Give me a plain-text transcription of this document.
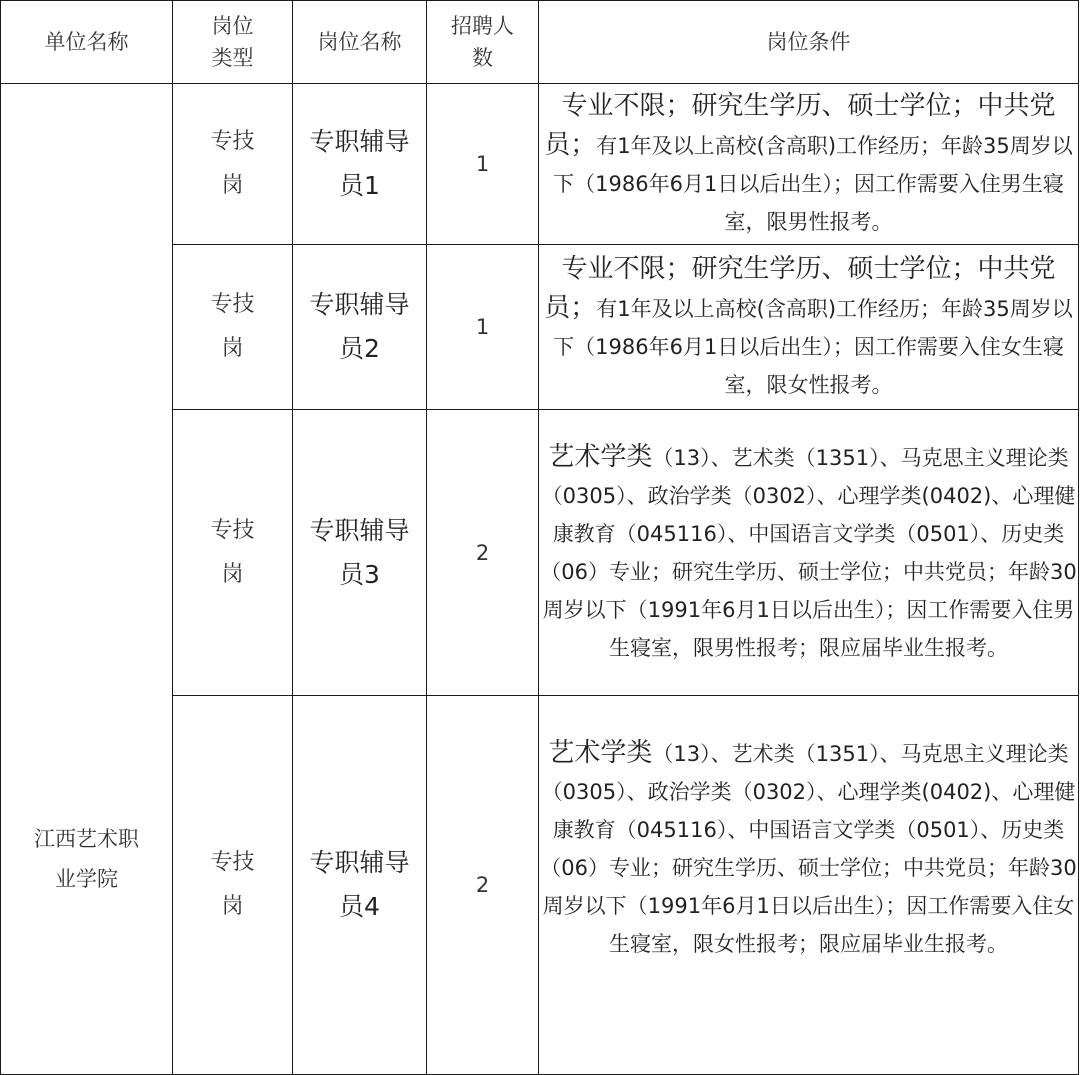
单位名称	岗位类型	岗位名称	招聘人数	岗位条件
江西艺术职业学院	专技岗	专职辅导员1	1	专业不限；研究生学历、硕士学位；中共党员；有1年及以上高校(含高职)工作经历；年龄35周岁以下（1986年6月1日以后出生）；因工作需要入住男生寝室，限男性报考。
	专技岗	专职辅导员2	1	专业不限；研究生学历、硕士学位；中共党员；有1年及以上高校(含高职)工作经历；年龄35周岁以下（1986年6月1日以后出生）；因工作需要入住女生寝室，限女性报考。
	专技岗	专职辅导员3	2	艺术学类（13）、艺术类（1351）、马克思主义理论类（0305）、政治学类（0302）、心理学类(0402)、心理健康教育（045116）、中国语言文学类（0501）、历史类（06）专业；研究生学历、硕士学位；中共党员；年龄30周岁以下（1991年6月1日以后出生）；因工作需要入住男生寝室，限男性报考；限应届毕业生报考。
	专技岗	专职辅导员4	2	艺术学类（13）、艺术类（1351）、马克思主义理论类（0305）、政治学类（0302）、心理学类(0402)、心理健康教育（045116）、中国语言文学类（0501）、历史类（06）专业；研究生学历、硕士学位；中共党员；年龄30周岁以下（1991年6月1日以后出生）；因工作需要入住女生寝室，限女性报考；限应届毕业生报考。
